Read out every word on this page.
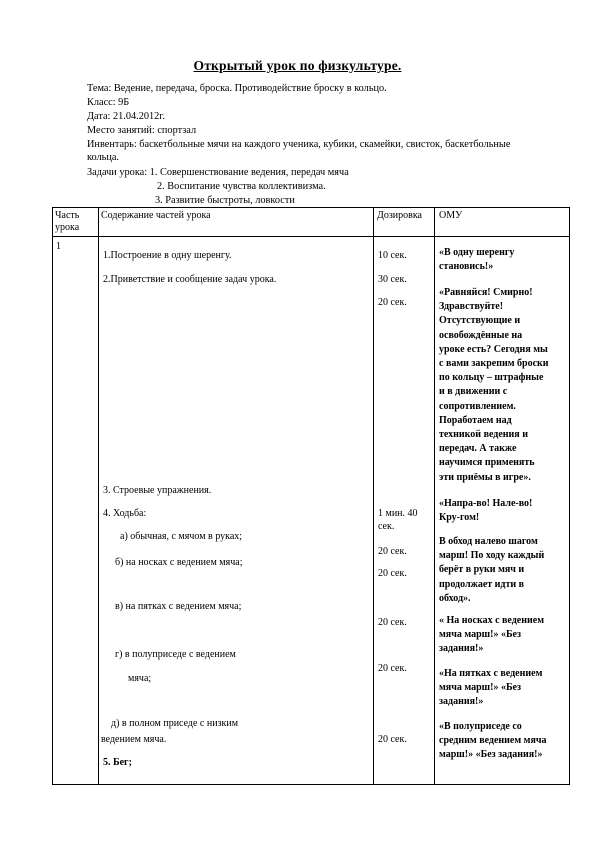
Открытый урок по физкультуре.
Тема: Ведение, передача, броска. Противодействие броску в кольцо.
Класс: 9Б
Дата: 21.04.2012г.
Место занятий: спортзал
Инвентарь: баскетбольные мячи на каждого ученика, кубики, скамейки, свисток, баскетбольные кольца.
Задачи урока: 1. Совершенствование ведения, передач мяча
2. Воспитание чувства коллективизма.
3. Развитие быстроты, ловкости
Часть урока
Содержание частей урока	Дозировка ОМУ
1
1.Построение в одну шеренгу.
2.Приветствие и сообщение задач урока.
3. Строевые упражнения.
4. Ходьба:
а) обычная, с мячом в руках;
б) на носках с ведением мяча;
в) на пятках с ведением мяча;
г) в полуприседе с ведением
мяча;
д) в полном приседе с низким
ведением мяча.
5. Бег;
10 сек.
30 сек.
20 сек.
1 мин. 40
сек.
20 сек.
20 сек.
20 сек.
20 сек.
20 сек.
«В одну шеренгу
становись!»
«Равняйся! Смирно!
Здравствуйте!
Отсутствующие и
освобождённые на
уроке есть? Сегодня мы
с вами закрепим броски
по кольцу – штрафные
и в движении с
сопротивлением.
Поработаем над
техникой ведения и
передач. А также
научимся применять
эти приёмы в игре».
«Напра-во! Нале-во!
Кру-гом!
В обход налево шагом
марш! По ходу каждый
берёт в руки мяч и
продолжает идти в
обход».
« На носках с ведением
мяча марш!» «Без
задания!»
«На пятках с ведением
мяча марш!» «Без
задания!»
«В полуприседе со
средним ведением мяча
марш!» «Без задания!»
